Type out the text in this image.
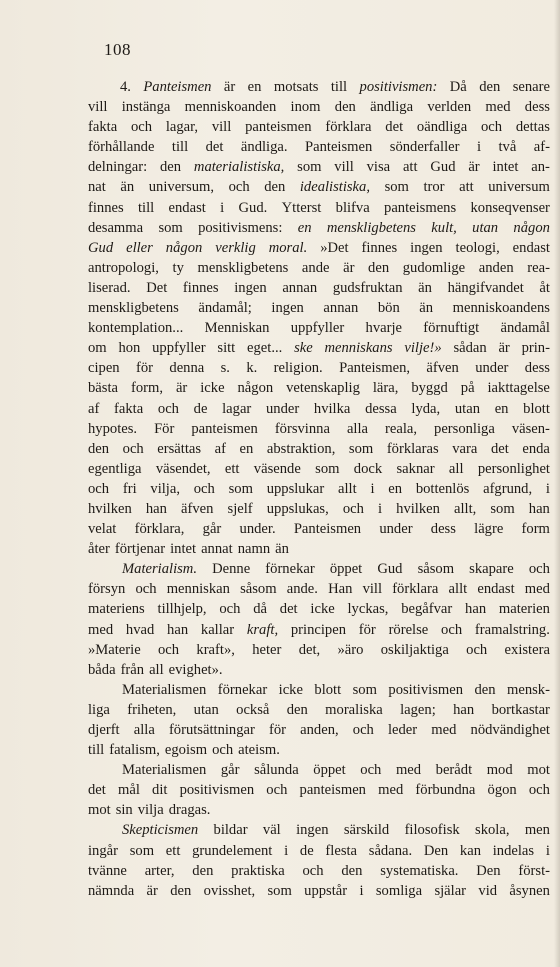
108
4. Panteismen är en motsats till positivismen: Då den senare
vill instänga menniskoanden inom den ändliga verlden med dess
fakta och lagar, vill panteismen förklara det oändliga och dettas
förhållande till det ändliga. Panteismen sönderfaller i två af-
delningar: den materialistiska, som vill visa att Gud är intet an-
nat än universum, och den idealistiska, som tror att universum
finnes till endast i Gud. Ytterst blifva panteismens konseqvenser
desamma som positivismens: en menskligbetens kult, utan någon
Gud eller någon verklig moral. »Det finnes ingen teologi, endast
antropologi, ty menskligbetens ande är den gudomlige anden rea-
liserad. Det finnes ingen annan gudsfruktan än hängifvandet åt
menskligbetens ändamål; ingen annan bön än menniskoandens
kontemplation... Menniskan uppfyller hvarje förnuftigt ändamål
om hon uppfyller sitt eget... ske menniskans vilje!» sådan är prin-
cipen för denna s. k. religion. Panteismen, äfven under dess
bästa form, är icke någon vetenskaplig lära, byggd på iakttagelse
af fakta och de lagar under hvilka dessa lyda, utan en blott
hypotes. För panteismen försvinna alla reala, personliga väsen-
den och ersättas af en abstraktion, som förklaras vara det enda
egentliga väsendet, ett väsende som dock saknar all personlighet
och fri vilja, och som uppslukar allt i en bottenlös afgrund, i
hvilken han äfven sjelf uppslukas, och i hvilken allt, som han
velat förklara, går under. Panteismen under dess lägre form
åter förtjenar intet annat namn än
Materialism. Denne förnekar öppet Gud såsom skapare och
försyn och menniskan såsom ande. Han vill förklara allt endast med
materiens tillhjelp, och då det icke lyckas, begåfvar han materien
med hvad han kallar kraft, principen för rörelse och framalstring.
»Materie och kraft», heter det, »äro oskiljaktiga och existera
båda från all evighet».
Materialismen förnekar icke blott som positivismen den mensk-
liga friheten, utan också den moraliska lagen; han bortkastar
djerft alla förutsättningar för anden, och leder med nödvändighet
till fatalism, egoism och ateism.
Materialismen går sålunda öppet och med berådt mod mot
det mål dit positivismen och panteismen med förbundna ögon och
mot sin vilja dragas.
Skepticismen bildar väl ingen särskild filosofisk skola, men
ingår som ett grundelement i de flesta sådana. Den kan indelas i
tvänne arter, den praktiska och den systematiska. Den först-
nämnda är den ovisshet, som uppstår i somliga själar vid åsynen
